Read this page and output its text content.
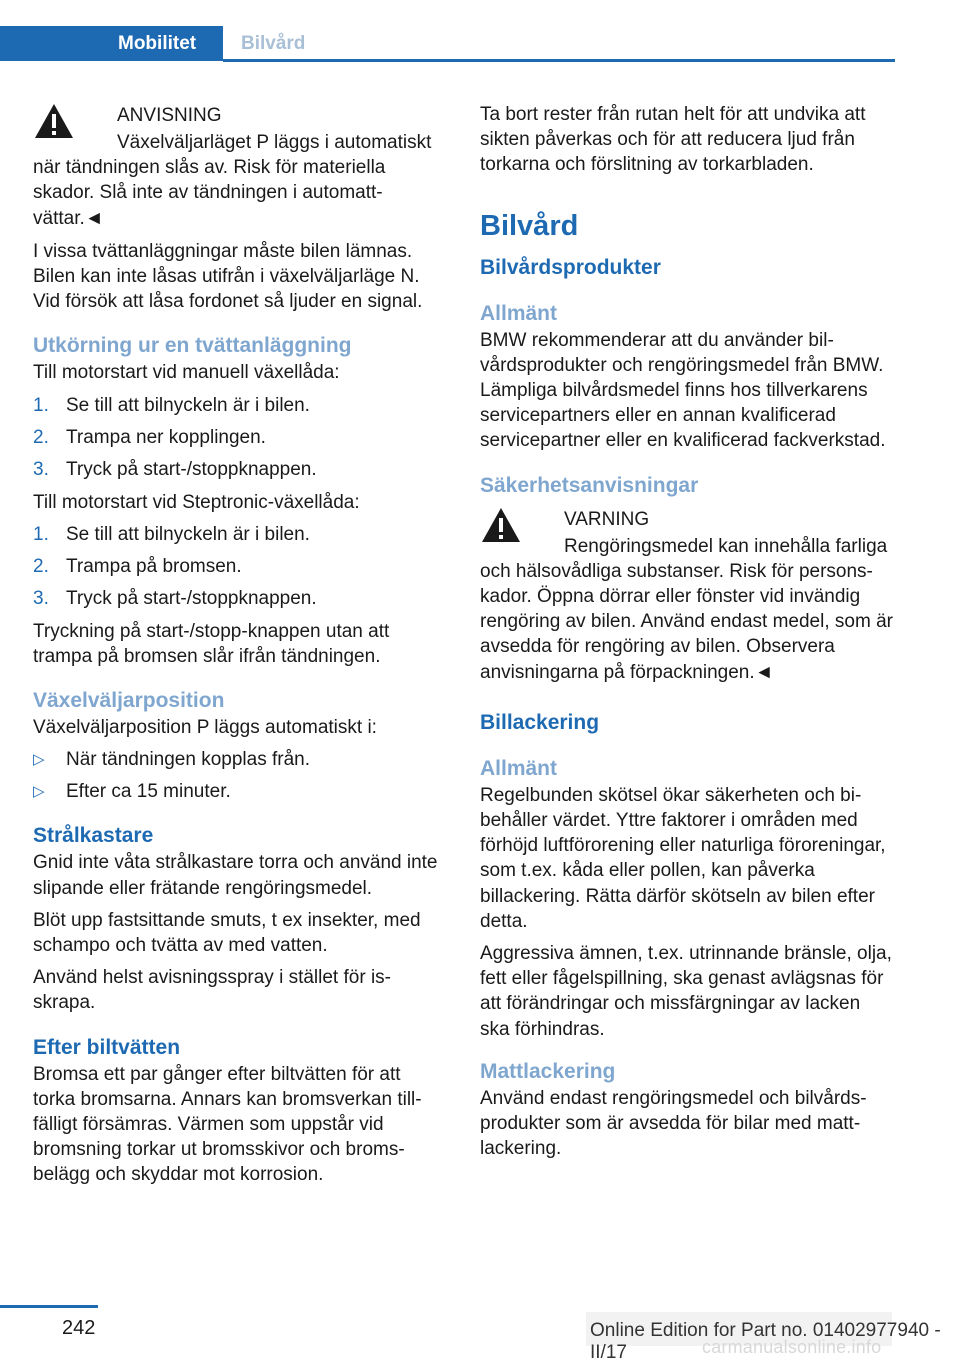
Mobilitet	Bilvård
ANVISNING
Växelväljarläget P läggs i automatiskt
när tändningen slås av. Risk för materiella skador. Slå inte av tändningen i automattvättar.◄

I vissa tvättanläggningar måste bilen lämnas. Bilen kan inte låsas utifrån i växelväljarläge N. Vid försök att låsa fordonet så ljuder en signal.

Utkörning ur en tvättanläggning

Till motorstart vid manuell växellåda:

1. Se till att bilnyckeln är i bilen.
2. Trampa ner kopplingen.
3. Tryck på start-/stoppknappen.

Till motorstart vid Steptronic-växellåda:

1. Se till att bilnyckeln är i bilen.
2. Trampa på bromsen.
3. Tryck på start-/stoppknappen.

Tryckning på start-/stopp-knappen utan att trampa på bromsen slår ifrån tändningen.

Växelväljarposition

Växelväljarposition P läggs automatiskt i:

▷ När tändningen kopplas från.
▷ Efter ca 15 minuter.
Strålkastare

Gnid inte våta strålkastare torra och använd inte slipande eller frätande rengöringsmedel.

Blöt upp fastsittande smuts, t ex insekter, med schampo och tvätta av med vatten.

Använd helst avisningsspray i stället för isskrapa.

Efter biltvätten

Bromsa ett par gånger efter biltvätten för att torka bromsarna. Annars kan bromsverkan tillfälligt försämras. Värmen som uppstår vid bromsning torkar ut bromsskivor och bromsbelägg och skyddar mot korrosion.

Ta bort rester från rutan helt för att undvika att sikten påverkas och för att reducera ljud från torkarna och förslitning av torkarbladen.

Bilvård
Bilvårdsprodukter
Allmänt

BMW rekommenderar att du använder bilvårdsprodukter och rengöringsmedel från BMW. Lämpliga bilvårdsmedel finns hos tillverkarens servicepartners eller en annan kvalificerad servicepartner eller en kvalificerad fackverkstad.

Säkerhetsanvisningar
VARNING
Rengöringsmedel kan innehålla farliga
och hälsovådliga substanser. Risk för personskador. Öppna dörrar eller fönster vid invändig rengöring av bilen. Använd endast medel, som är avsedda för rengöring av bilen. Observera anvisningarna på förpackningen.◄
Billackering
Allmänt

Regelbunden skötsel ökar säkerheten och bibehåller värdet. Yttre faktorer i områden med förhöjd luftförorening eller naturliga föroreningar, som t.ex. kåda eller pollen, kan påverka billackering. Rätta därför skötseln av bilen efter detta.

Aggressiva ämnen, t.ex. utrinnande bränsle, olja, fett eller fågelspillning, ska genast avlägsnas för att förändringar och missfärgningar av lacken ska förhindras.

Mattlackering

Använd endast rengöringsmedel och bilvårdsprodukter som är avsedda för bilar med mattlackering.

242	Online Edition for Part no. 01402977940 - II/17	carmanualsonline.info
